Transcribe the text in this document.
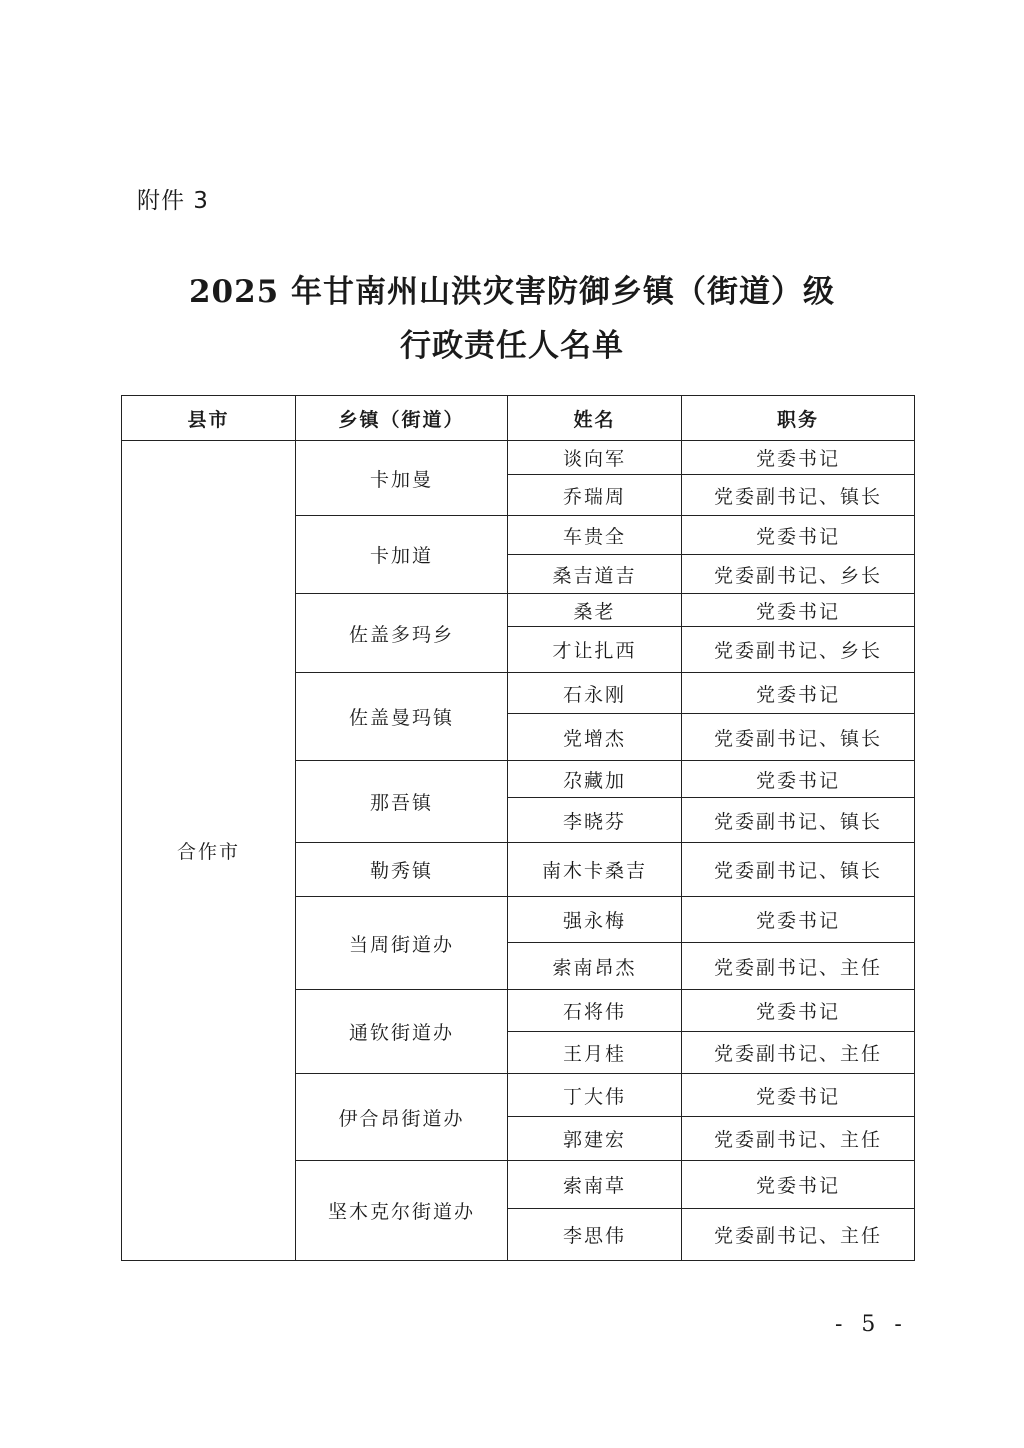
附件 3
2025 年甘南州山洪灾害防御乡镇（街道）级
行政责任人名单
县市	乡镇（街道）	姓名	职务
合作市	卡加曼	谈向军	党委书记
		乔瑞周	党委副书记、镇长
	卡加道	车贵全	党委书记
		桑吉道吉	党委副书记、乡长
	佐盖多玛乡	桑老	党委书记
		才让扎西	党委副书记、乡长
	佐盖曼玛镇	石永刚	党委书记
		党增杰	党委副书记、镇长
	那吾镇	尕藏加	党委书记
		李晓芬	党委副书记、镇长
	勒秀镇	南木卡桑吉	党委副书记、镇长
	当周街道办	强永梅	党委书记
		索南昂杰	党委副书记、主任
	通钦街道办	石将伟	党委书记
		王月桂	党委副书记、主任
	伊合昂街道办	丁大伟	党委书记
		郭建宏	党委副书记、主任
	坚木克尔街道办	索南草	党委书记
		李思伟	党委副书记、主任
- 5 -
